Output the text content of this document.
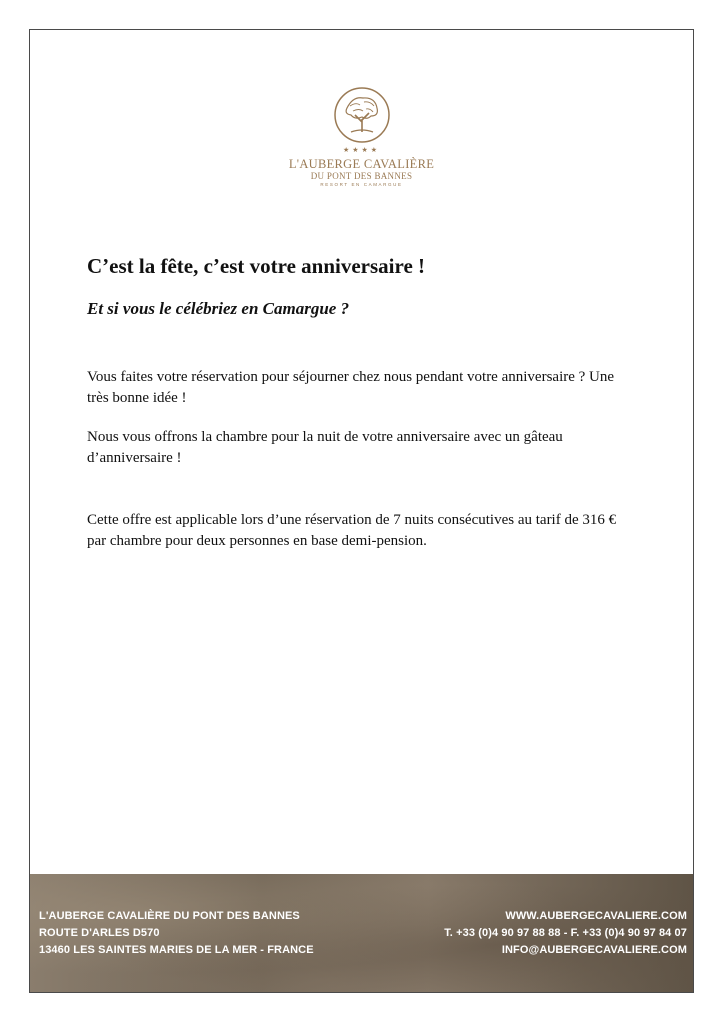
★★★★
L'AUBERGE CAVALIÈRE
DU PONT DES BANNES
RESORT EN CAMARGUE
C’est la fête, c’est votre anniversaire !
Et si vous le célébriez en Camargue ?
Vous faites votre réservation pour séjourner chez nous pendant votre anniversaire ? Une très bonne idée !
Nous vous offrons la chambre pour la nuit de votre anniversaire avec un gâteau d’anniversaire !
Cette offre est applicable lors d’une réservation de 7 nuits consécutives au tarif de 316 € par chambre pour deux personnes en base demi-pension.
L'AUBERGE CAVALIÈRE DU PONT DES BANNES
ROUTE D'ARLES D570
13460 LES SAINTES MARIES DE LA MER - FRANCE
WWW.AUBERGECAVALIERE.COM
T. +33 (0)4 90 97 88 88 - F. +33 (0)4 90 97 84 07
INFO@AUBERGECAVALIERE.COM
